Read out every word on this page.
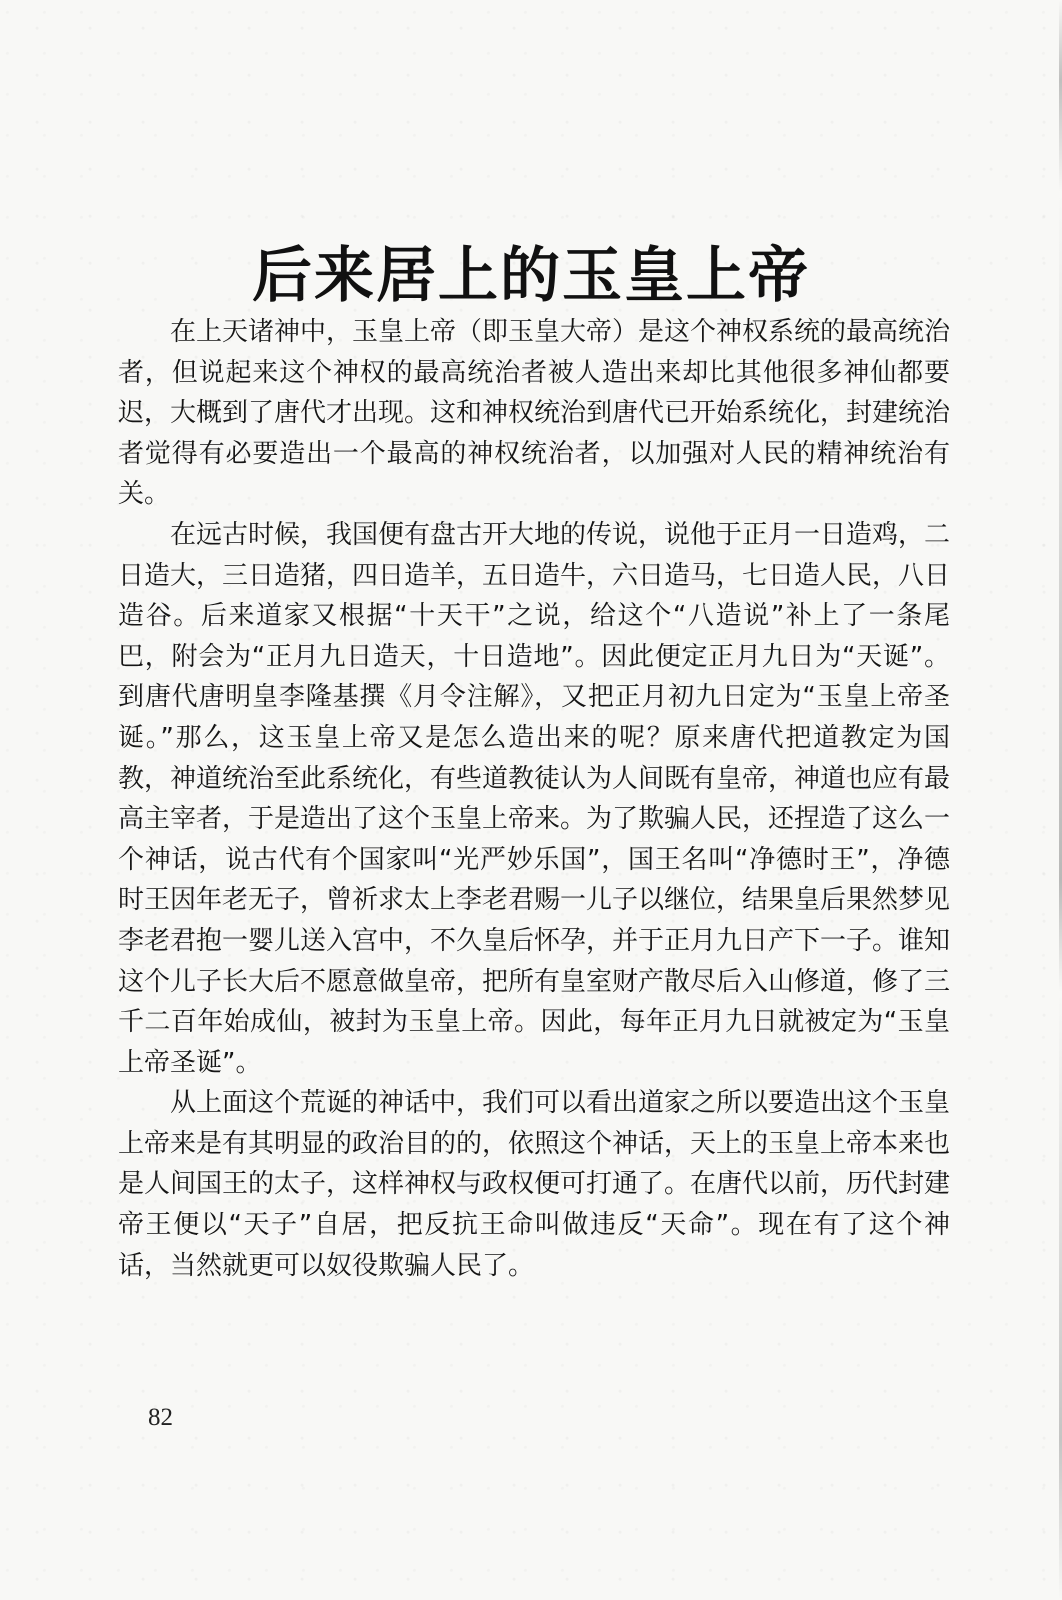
后来居上的玉皇上帝

在上天诸神中，玉皇上帝（即玉皇大帝）是这个神权系统的最高统治者，但说起来这个神权的最高统治者被人造出来却比其他很多神仙都要迟，大概到了唐代才出现。这和神权统治到唐代已开始系统化，封建统治者觉得有必要造出一个最高的神权统治者，以加强对人民的精神统治有关。

在远古时候，我国便有盘古开大地的传说，说他于正月一日造鸡，二日造大，三日造猪，四日造羊，五日造牛，六日造马，七日造人民，八日造谷。后来道家又根据“十天干”之说，给这个“八造说”补上了一条尾巴，附会为“正月九日造天，十日造地”。因此便定正月九日为“天诞”。到唐代唐明皇李隆基撰《月令注解》，又把正月初九日定为“玉皇上帝圣诞。”那么，这玉皇上帝又是怎么造出来的呢？原来唐代把道教定为国教，神道统治至此系统化，有些道教徒认为人间既有皇帝，神道也应有最高主宰者，于是造出了这个玉皇上帝来。为了欺骗人民，还捏造了这么一个神话，说古代有个国家叫“光严妙乐国”，国王名叫“净德时王”，净德时王因年老无子，曾祈求太上李老君赐一儿子以继位，结果皇后果然梦见李老君抱一婴儿送入宫中，不久皇后怀孕，并于正月九日产下一子。谁知这个儿子长大后不愿意做皇帝，把所有皇室财产散尽后入山修道，修了三千二百年始成仙，被封为玉皇上帝。因此，每年正月九日就被定为“玉皇上帝圣诞”。

从上面这个荒诞的神话中，我们可以看出道家之所以要造出这个玉皇上帝来是有其明显的政治目的的，依照这个神话，天上的玉皇上帝本来也是人间国王的太子，这样神权与政权便可打通了。在唐代以前，历代封建帝王便以“天子”自居，把反抗王命叫做违反“天命”。现在有了这个神话，当然就更可以奴役欺骗人民了。

82
